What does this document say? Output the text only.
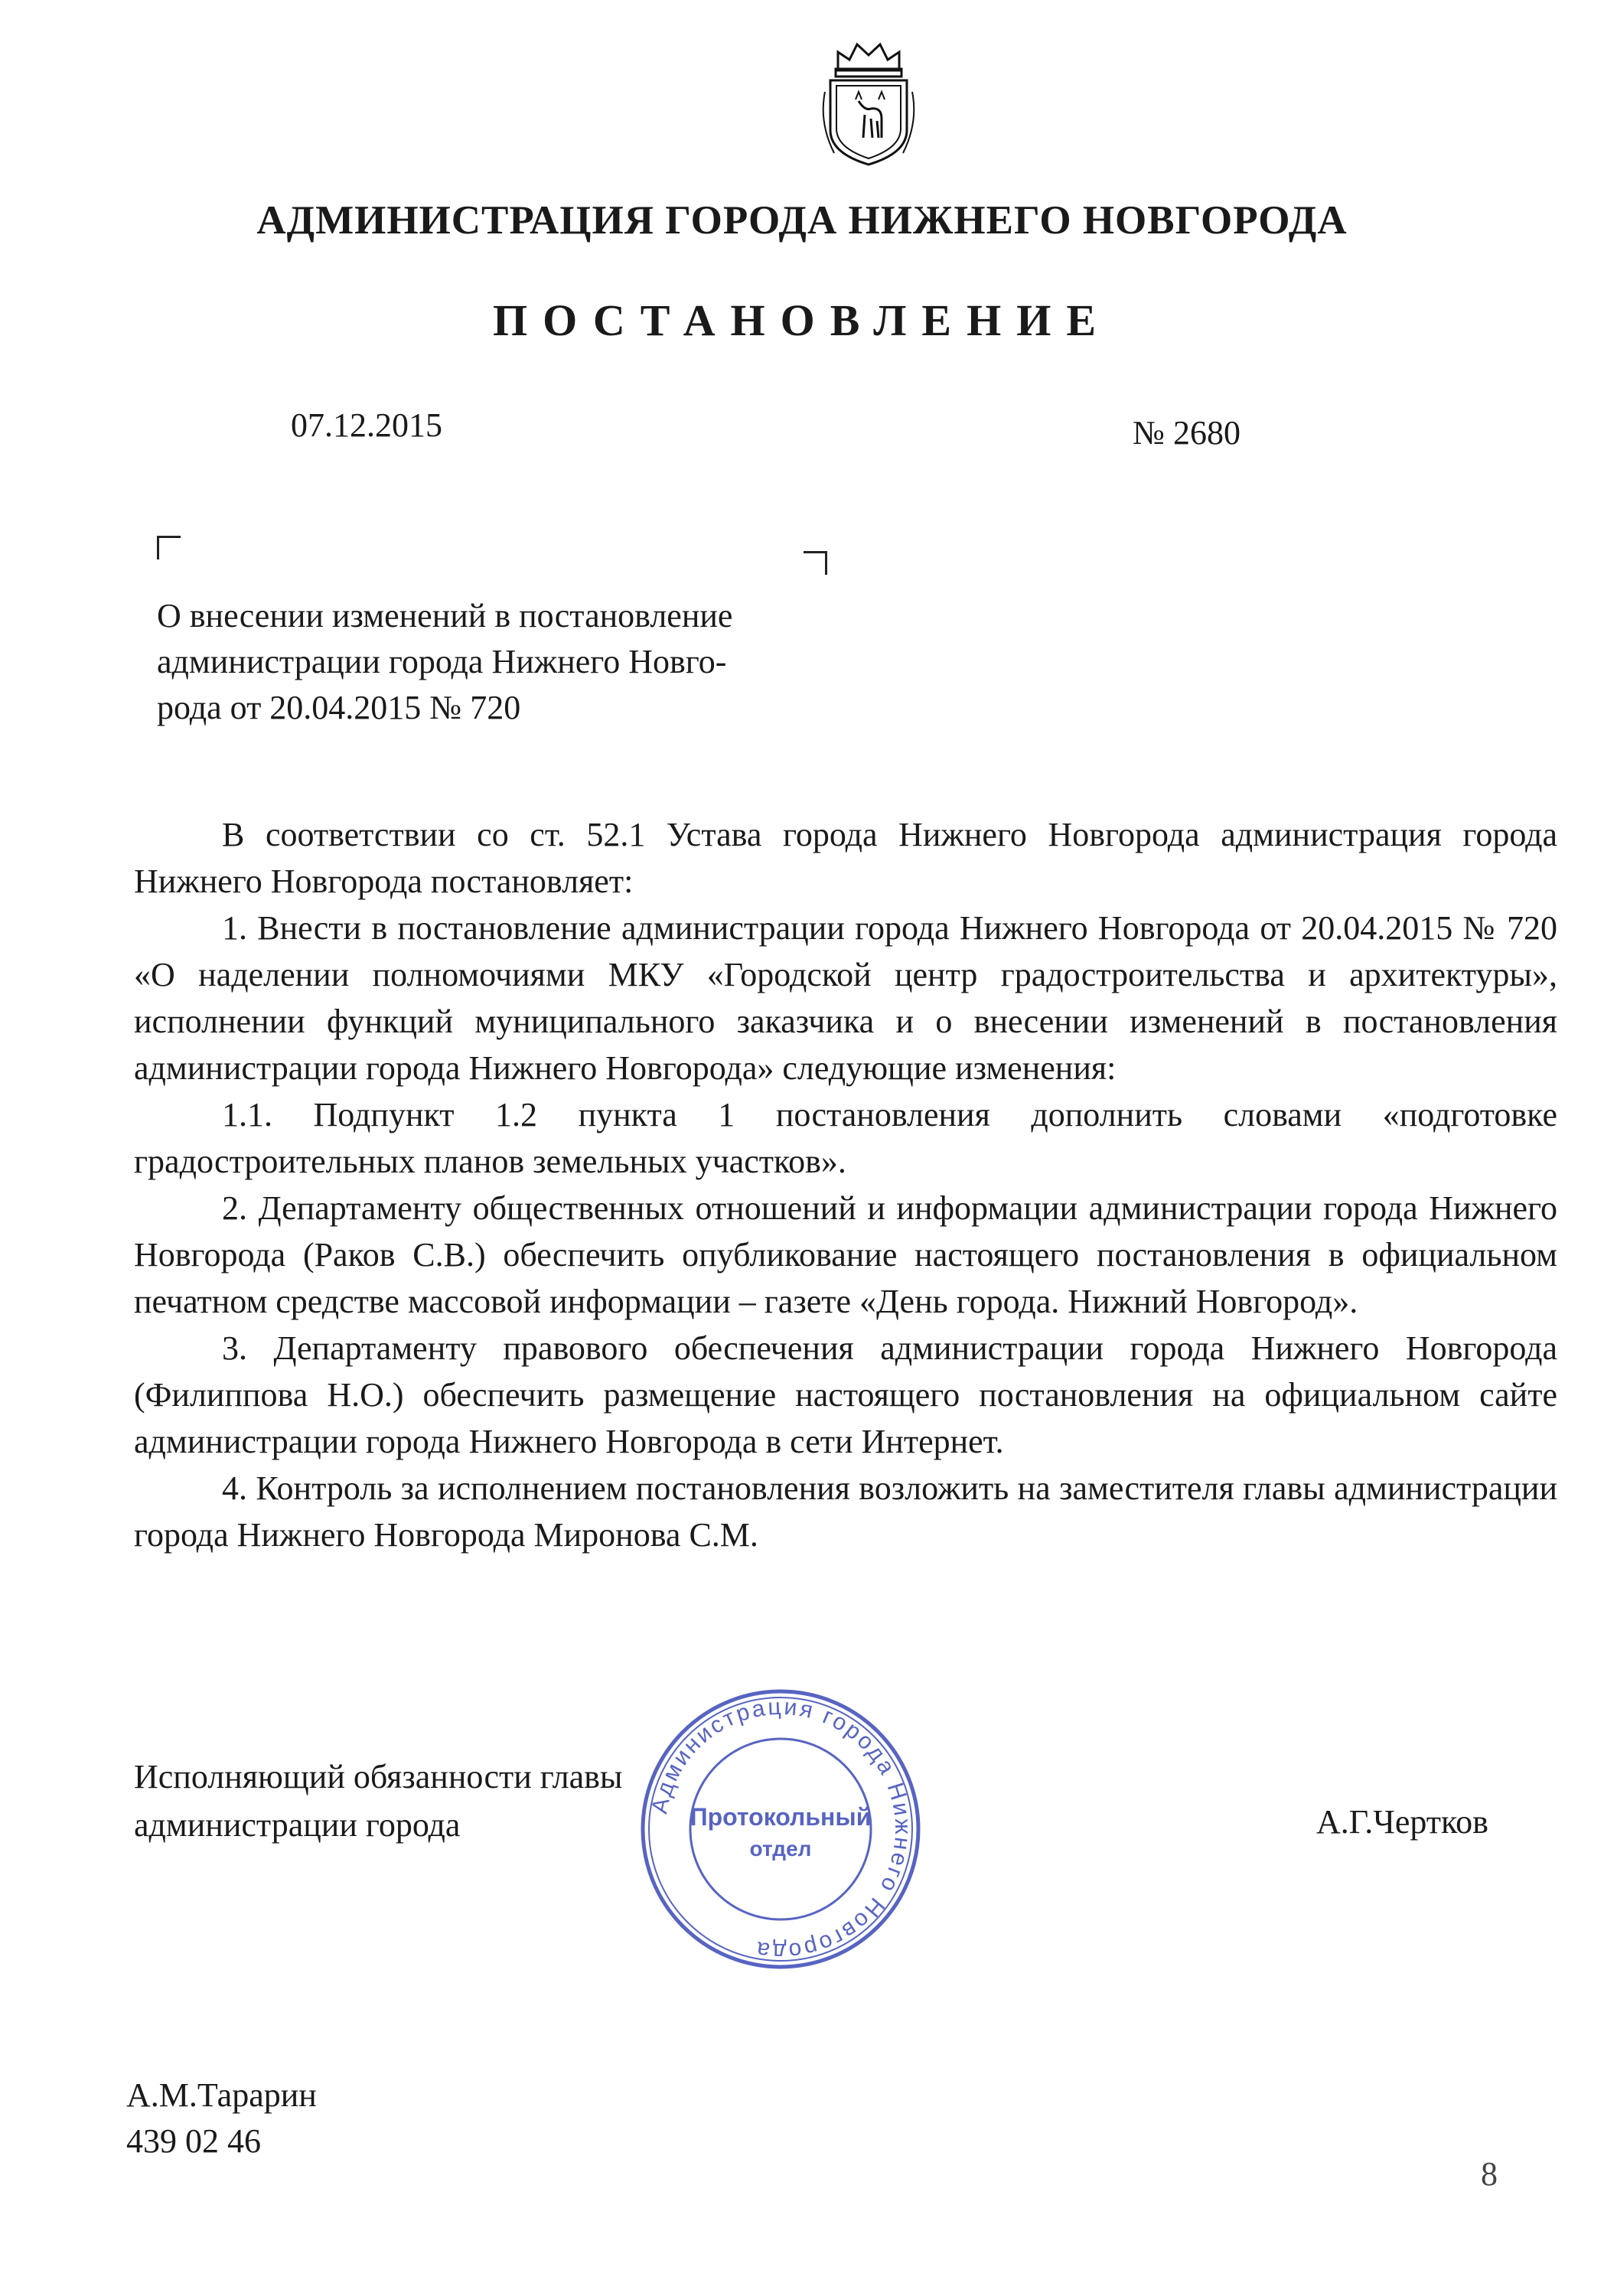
АДМИНИСТРАЦИЯ ГОРОДА НИЖНЕГО НОВГОРОДА
ПОСТАНОВЛЕНИЕ
07.12.2015	№ 2680
О внесении изменений в постановление
администрации города Нижнего Новго-
рода от 20.04.2015 № 720

В соответствии со ст. 52.1 Устава города Нижнего Новгорода администрация города Нижнего Новгорода постановляет:

1. Внести в постановление администрации города Нижнего Новгорода от 20.04.2015 № 720 «О наделении полномочиями МКУ «Городской центр градостроительства и архитектуры», исполнении функций муниципального заказчика и о внесении изменений в постановления администрации города Нижнего Новгорода» следующие изменения:

1.1. Подпункт 1.2 пункта 1 постановления дополнить словами «подготовке градостроительных планов земельных участков».

2. Департаменту общественных отношений и информации администрации города Нижнего Новгорода (Раков С.В.) обеспечить опубликование настоящего постановления в официальном печатном средстве массовой информации – газете «День города. Нижний Новгород».

3. Департаменту правового обеспечения администрации города Нижнего Новгорода (Филиппова Н.О.) обеспечить размещение настоящего постановления на официальном сайте администрации города Нижнего Новгорода в сети Интернет.

4. Контроль за исполнением постановления возложить на заместителя главы администрации города Нижнего Новгорода Миронова С.М.

Исполняющий обязанности главы
администрации города
Администрация города Нижнего Новгорода
Протокольный
отдел
А.Г.Чертков
А.М.Тарарин
439 02 46
8
